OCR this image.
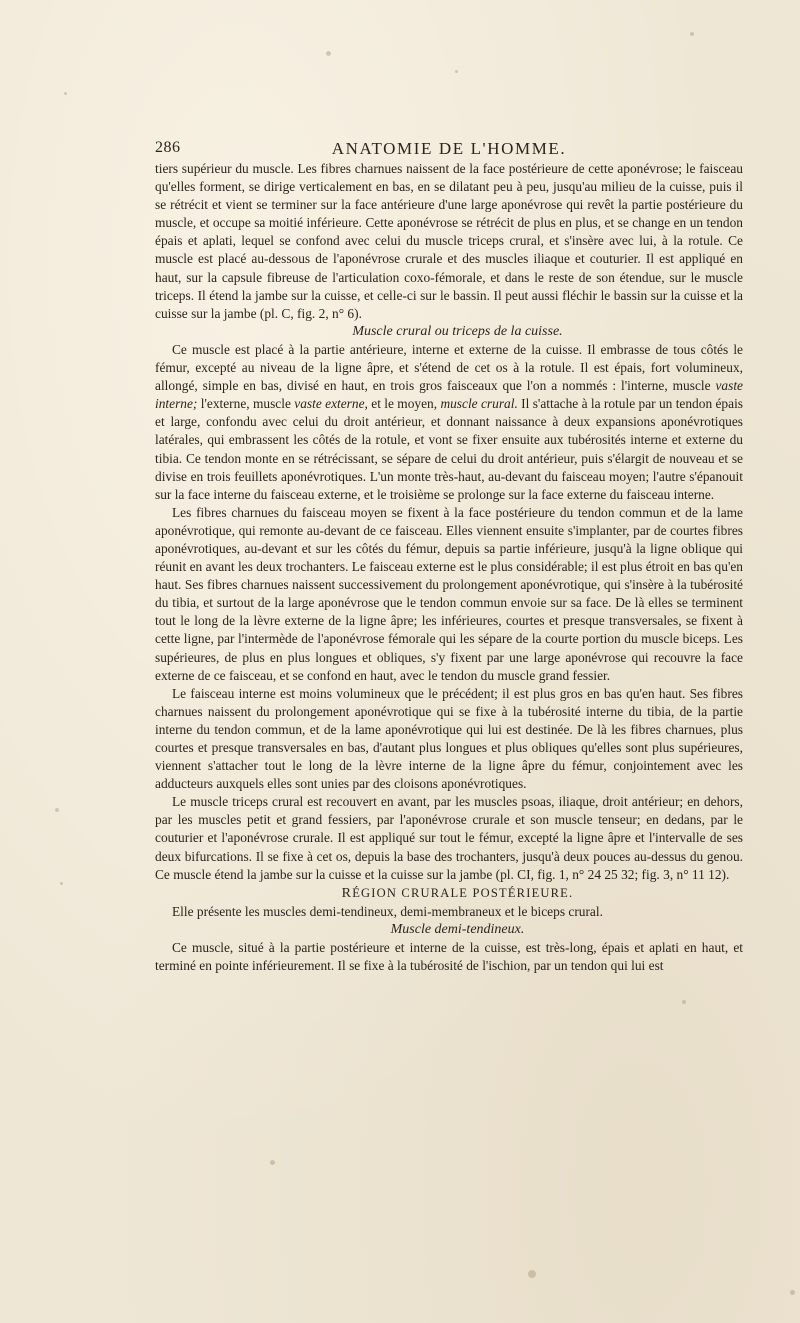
286	ANATOMIE DE L'HOMME.

tiers supérieur du muscle. Les fibres charnues naissent de la face postérieure de cette aponévrose; le faisceau qu'elles forment, se dirige verticalement en bas, en se dilatant peu à peu, jusqu'au milieu de la cuisse, puis il se rétrécit et vient se terminer sur la face antérieure d'une large aponévrose qui revêt la partie postérieure du muscle, et occupe sa moitié inférieure. Cette aponévrose se rétrécit de plus en plus, et se change en un tendon épais et aplati, lequel se confond avec celui du muscle triceps crural, et s'insère avec lui, à la rotule. Ce muscle est placé au-dessous de l'aponévrose crurale et des muscles iliaque et couturier. Il est appliqué en haut, sur la capsule fibreuse de l'articulation coxo-fémorale, et dans le reste de son étendue, sur le muscle triceps. Il étend la jambe sur la cuisse, et celle-ci sur le bassin. Il peut aussi fléchir le bassin sur la cuisse et la cuisse sur la jambe (pl. C, fig. 2, n° 6).

Muscle crural ou triceps de la cuisse.

Ce muscle est placé à la partie antérieure, interne et externe de la cuisse. Il embrasse de tous côtés le fémur, excepté au niveau de la ligne âpre, et s'étend de cet os à la rotule. Il est épais, fort volumineux, allongé, simple en bas, divisé en haut, en trois gros faisceaux que l'on a nommés : l'interne, muscle vaste interne; l'externe, muscle vaste externe, et le moyen, muscle crural. Il s'attache à la rotule par un tendon épais et large, confondu avec celui du droit antérieur, et donnant naissance à deux expansions aponévrotiques latérales, qui embrassent les côtés de la rotule, et vont se fixer ensuite aux tubérosités interne et externe du tibia. Ce tendon monte en se rétrécissant, se sépare de celui du droit antérieur, puis s'élargit de nouveau et se divise en trois feuillets aponévrotiques. L'un monte très-haut, au-devant du faisceau moyen; l'autre s'épanouit sur la face interne du faisceau externe, et le troisième se prolonge sur la face externe du faisceau interne.

Les fibres charnues du faisceau moyen se fixent à la face postérieure du tendon commun et de la lame aponévrotique, qui remonte au-devant de ce faisceau. Elles viennent ensuite s'implanter, par de courtes fibres aponévrotiques, au-devant et sur les côtés du fémur, depuis sa partie inférieure, jusqu'à la ligne oblique qui réunit en avant les deux trochanters. Le faisceau externe est le plus considérable; il est plus étroit en bas qu'en haut. Ses fibres charnues naissent successivement du prolongement aponévrotique, qui s'insère à la tubérosité du tibia, et surtout de la large aponévrose que le tendon commun envoie sur sa face. De là elles se terminent tout le long de la lèvre externe de la ligne âpre; les inférieures, courtes et presque transversales, se fixent à cette ligne, par l'intermède de l'aponévrose fémorale qui les sépare de la courte portion du muscle biceps. Les supérieures, de plus en plus longues et obliques, s'y fixent par une large aponévrose qui recouvre la face externe de ce faisceau, et se confond en haut, avec le tendon du muscle grand fessier.

Le faisceau interne est moins volumineux que le précédent; il est plus gros en bas qu'en haut. Ses fibres charnues naissent du prolongement aponévrotique qui se fixe à la tubérosité interne du tibia, de la partie interne du tendon commun, et de la lame aponévrotique qui lui est destinée. De là les fibres charnues, plus courtes et presque transversales en bas, d'autant plus longues et plus obliques qu'elles sont plus supérieures, viennent s'attacher tout le long de la lèvre interne de la ligne âpre du fémur, conjointement avec les adducteurs auxquels elles sont unies par des cloisons aponévrotiques.

Le muscle triceps crural est recouvert en avant, par les muscles psoas, iliaque, droit antérieur; en dehors, par les muscles petit et grand fessiers, par l'aponévrose crurale et son muscle tenseur; en dedans, par le couturier et l'aponévrose crurale. Il est appliqué sur tout le fémur, excepté la ligne âpre et l'intervalle de ses deux bifurcations. Il se fixe à cet os, depuis la base des trochanters, jusqu'à deux pouces au-dessus du genou. Ce muscle étend la jambe sur la cuisse et la cuisse sur la jambe (pl. CI, fig. 1, n° 24 25 32; fig. 3, n° 11 12).

RÉGION CRURALE POSTÉRIEURE.

Elle présente les muscles demi-tendineux, demi-membraneux et le biceps crural.

Muscle demi-tendineux.

Ce muscle, situé à la partie postérieure et interne de la cuisse, est très-long, épais et aplati en haut, et terminé en pointe inférieurement. Il se fixe à la tubérosité de l'ischion, par un tendon qui lui est
